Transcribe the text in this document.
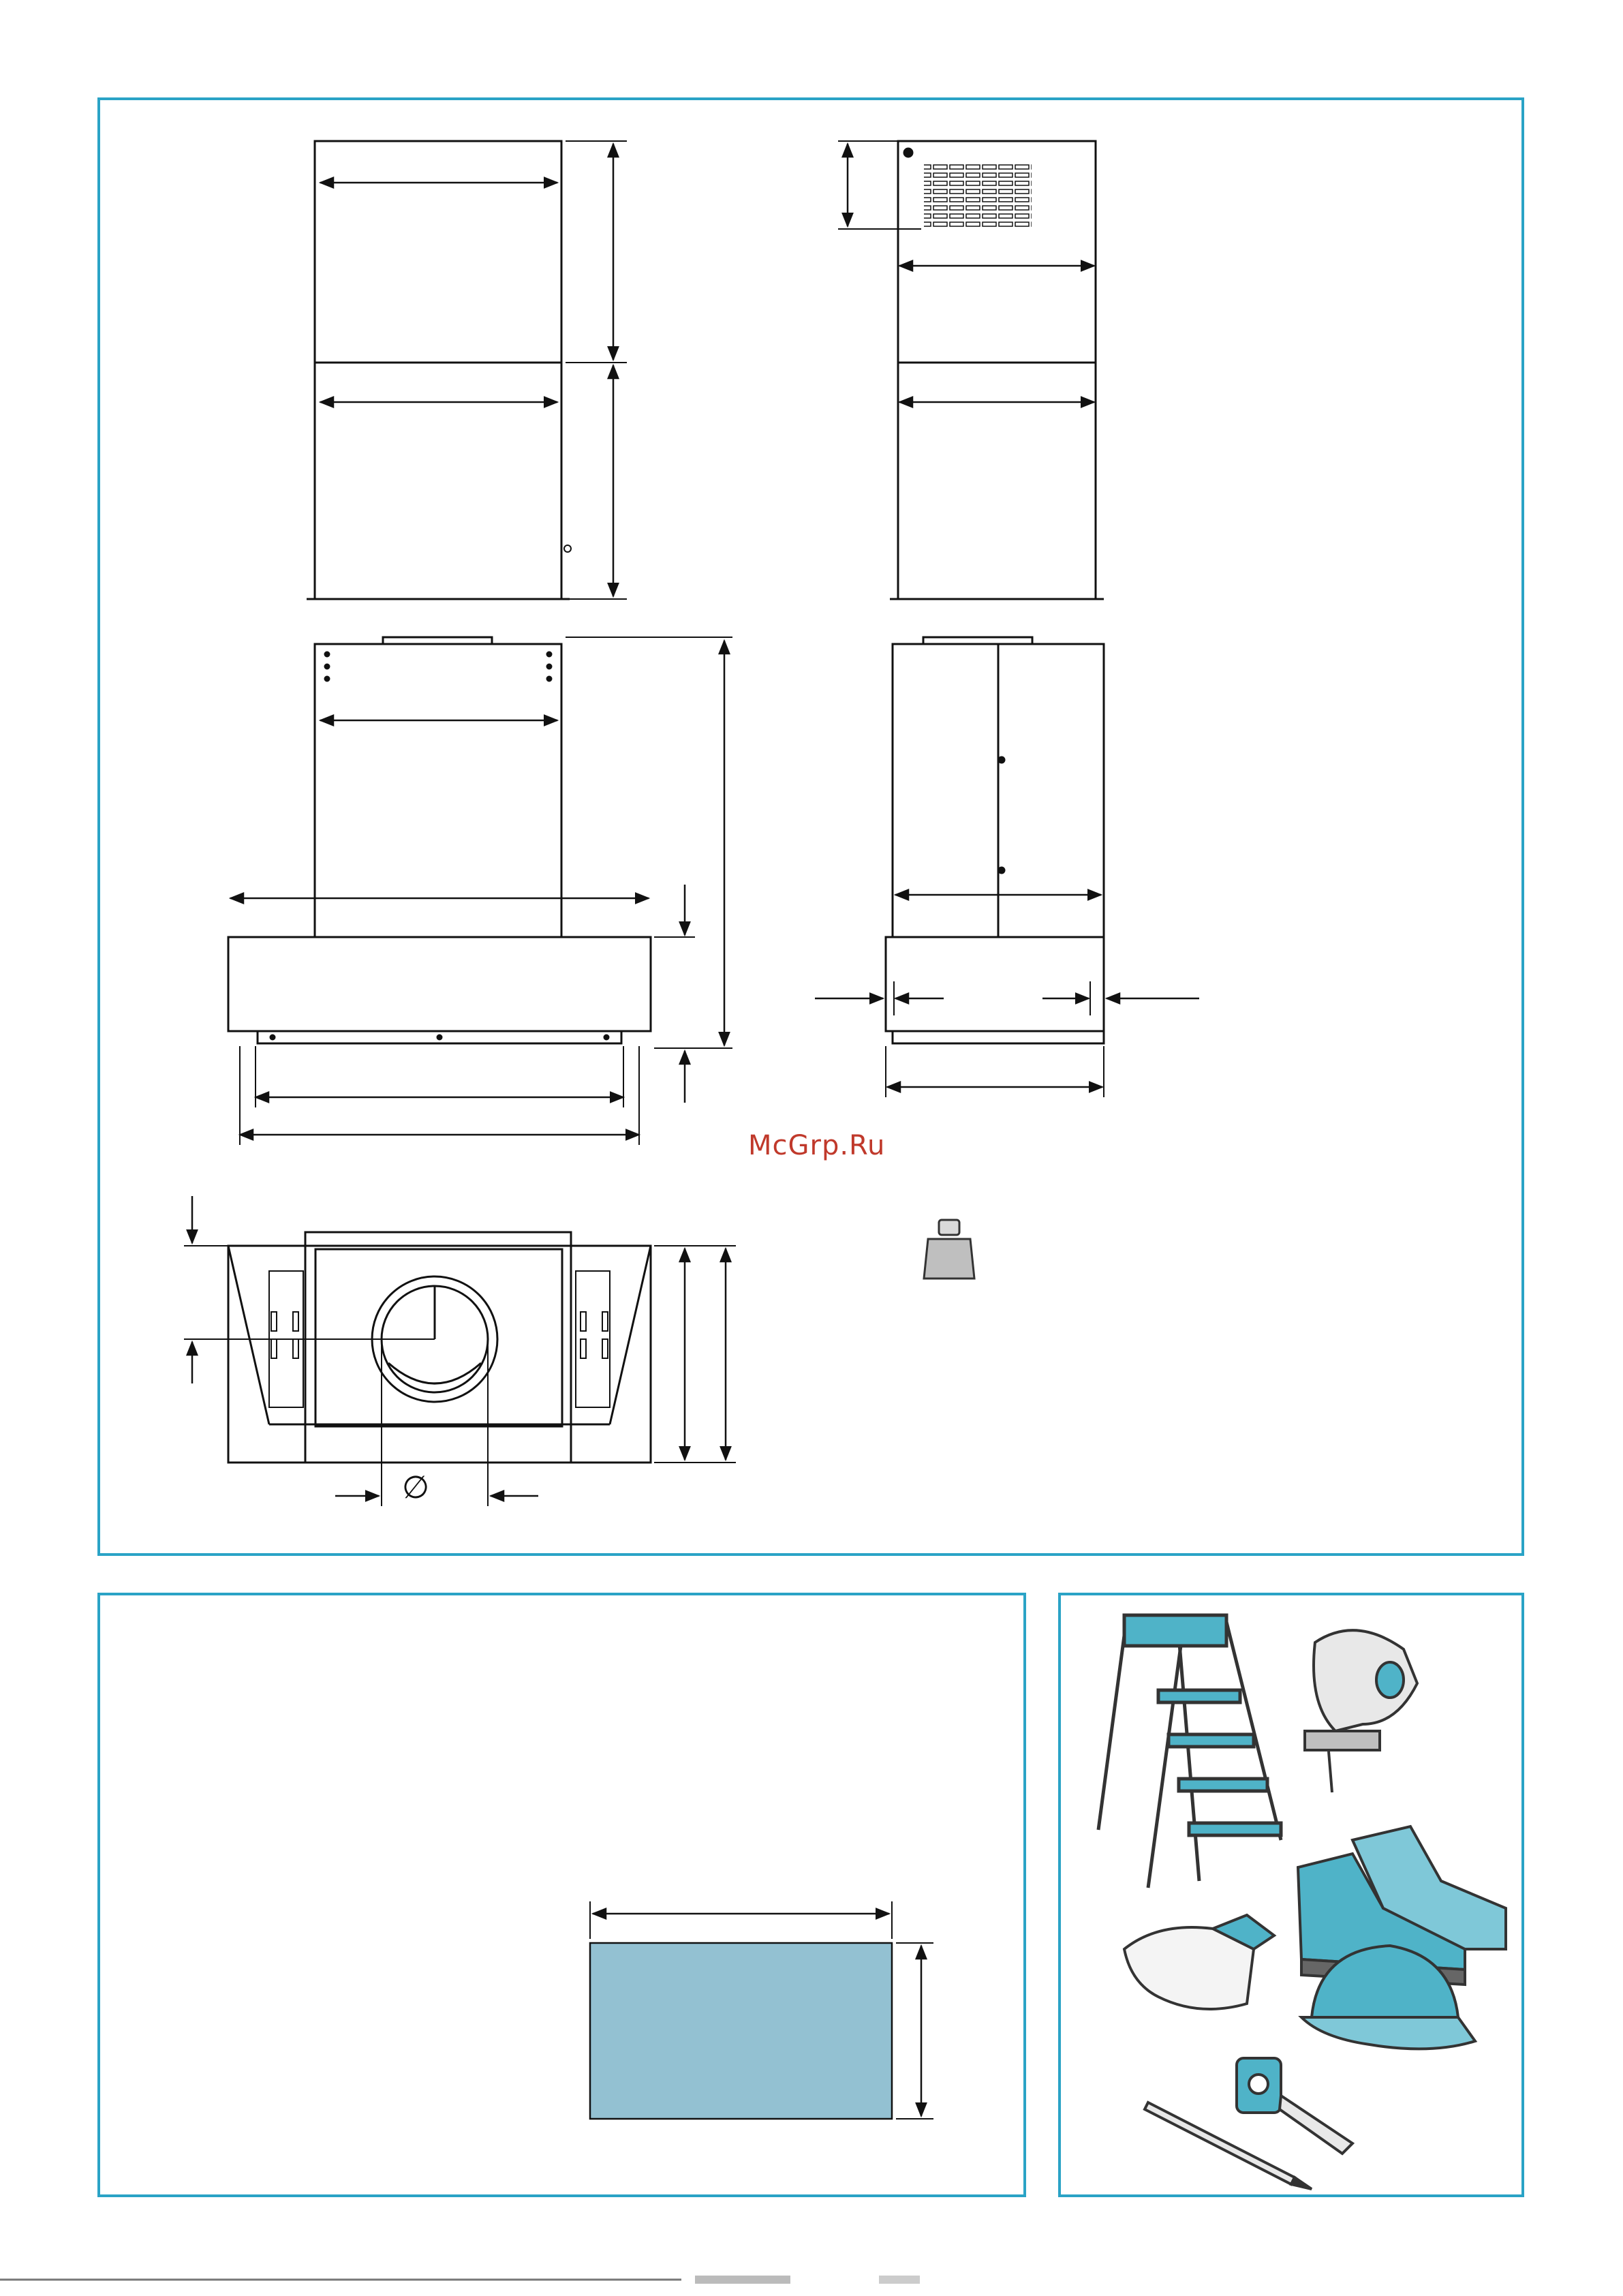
McGrp.Ru
∅
